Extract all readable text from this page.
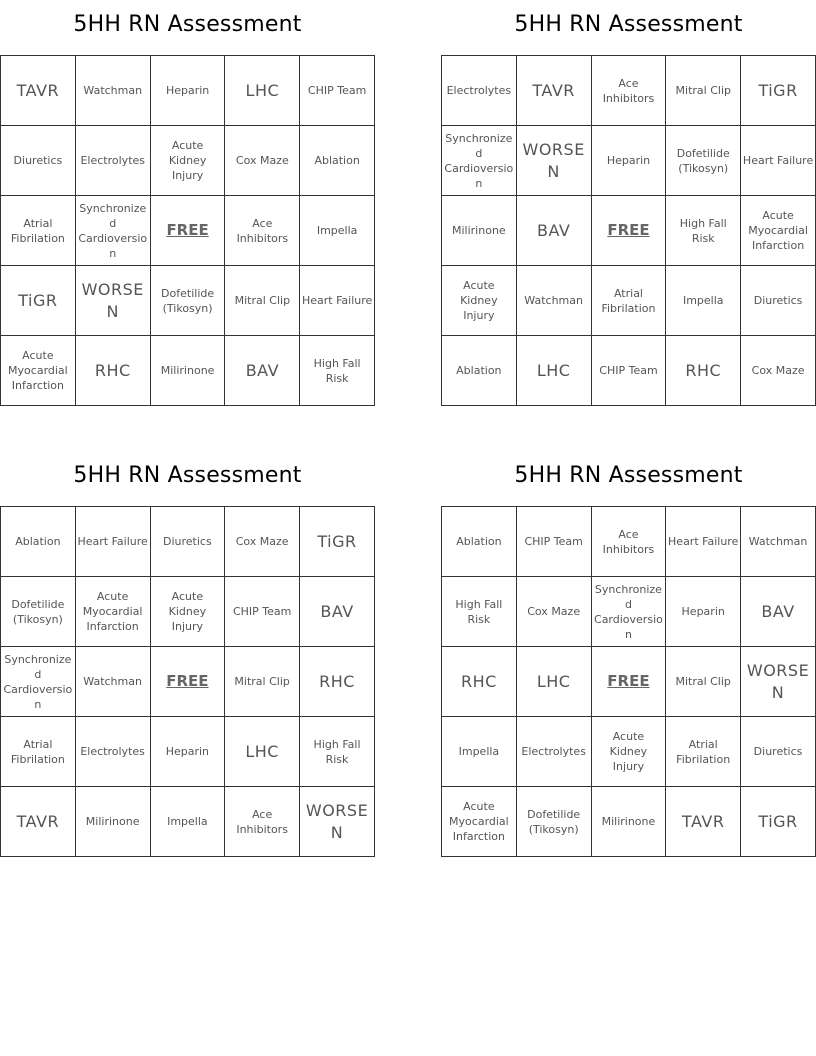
5HH RN Assessment
TAVR	Watchman	Heparin	LHC	CHIP Team
Diuretics	Electrolytes	Acute Kidney Injury	Cox Maze	Ablation
Atrial Fibrilation	Synchronized Cardioversion	FREE	Ace Inhibitors	Impella
TiGR	WORSEN	Dofetilide (Tikosyn)	Mitral Clip	Heart Failure
Acute Myocardial Infarction	RHC	Milirinone	BAV	High Fall Risk
5HH RN Assessment
Electrolytes	TAVR	Ace Inhibitors	Mitral Clip	TiGR
Synchronized Cardioversion	WORSEN	Heparin	Dofetilide (Tikosyn)	Heart Failure
Milirinone	BAV	FREE	High Fall Risk	Acute Myocardial Infarction
Acute Kidney Injury	Watchman	Atrial Fibrilation	Impella	Diuretics
Ablation	LHC	CHIP Team	RHC	Cox Maze
5HH RN Assessment
Ablation	Heart Failure	Diuretics	Cox Maze	TiGR
Dofetilide (Tikosyn)	Acute Myocardial Infarction	Acute Kidney Injury	CHIP Team	BAV
Synchronized Cardioversion	Watchman	FREE	Mitral Clip	RHC
Atrial Fibrilation	Electrolytes	Heparin	LHC	High Fall Risk
TAVR	Milirinone	Impella	Ace Inhibitors	WORSEN
5HH RN Assessment
Ablation	CHIP Team	Ace Inhibitors	Heart Failure	Watchman
High Fall Risk	Cox Maze	Synchronized Cardioversion	Heparin	BAV
RHC	LHC	FREE	Mitral Clip	WORSEN
Impella	Electrolytes	Acute Kidney Injury	Atrial Fibrilation	Diuretics
Acute Myocardial Infarction	Dofetilide (Tikosyn)	Milirinone	TAVR	TiGR
